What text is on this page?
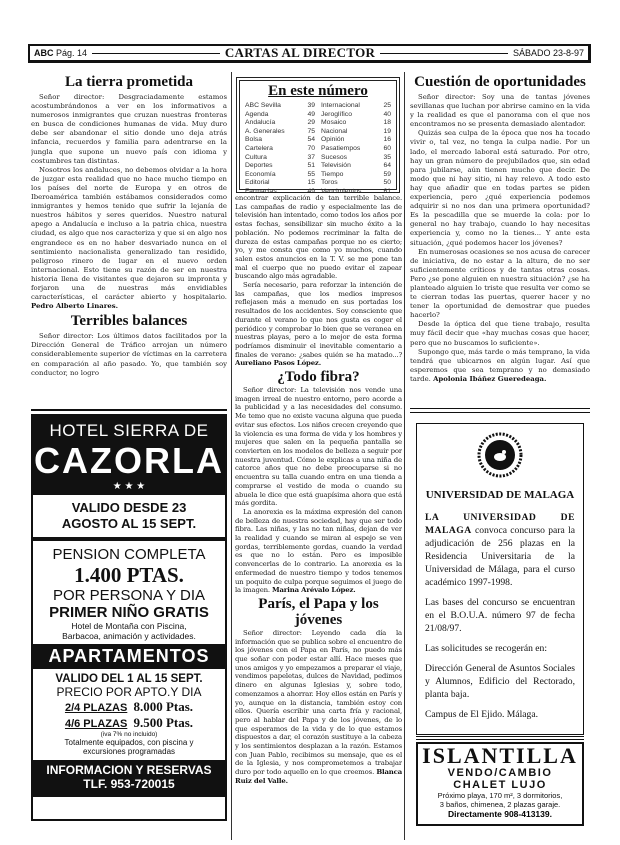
ABC
Pág. 14	CARTAS AL DIRECTOR	SÁBADO 23-8-97
La tierra prometida

Señor director: Desgraciadamente estamos acostumbrándonos a ver en los informativos a numerosos inmigrantes que cruzan nuestras fronteras en busca de condiciones humanas de vida. Muy duro debe ser abandonar el sitio donde uno deja atrás infancia, recuerdos y familia para adentrarse en la jungla que supone un nuevo país con idioma y costumbres tan distintas.

Nosotros los andaluces, no debemos olvidar a la hora de juzgar esta realidad que no hace mucho tiempo en los países del norte de Europa y en otros de Iberoamérica también estábamos considerados como inmigrantes y hemos tenido que sufrir la lejanía de nuestros hábitos y seres queridos. Nuestro natural apego a Andalucía e incluso a la patria chica, nuestra ciudad, es algo que nos caracteriza y que si en algo nos engrandece es en no haber desvariado nunca en el sentimiento nacionalista generalizado tan residido, peligroso rinero de lugar en el nuevo orden internacional. Esto tiene su razón de ser en nuestra historia llena de visitantes que dejaron su impronta y forjaron una de nuestras más envidiables características, el carácter abierto y hospitalario. Pedro Alberto Linares.

Terribles balances

Señor director: Los últimos datos facilitados por la Dirección General de Tráfico arrojan un número considerablemente superior de víctimas en la carretera en comparación al año pasado. Yo, que también soy conductor, no logro

HOTEL SIERRA DE
CAZORLA
★ ★ ★
VALIDO DESDE 23
AGOSTO AL 15 SEPT.
PENSION COMPLETA
1.400 PTAS.
POR PERSONA Y DIA
PRIMER NIÑO GRATIS
Hotel de Montaña con Piscina,
Barbacoa, animación y actividades.
APARTAMENTOS
VALIDO DEL 1 AL 15 SEPT.
PRECIO POR APTO.Y DIA
2/4 PLAZAS 8.000 Ptas.
4/6 PLAZAS 9.500 Ptas.
(iva 7% no incluido)
Totalmente equipados, con piscina y
excursiones programadas
INFORMACION Y RESERVAS
TLF. 953-720015
En este número
ABC Sevilla	39 Internacional	25
Agenda	49 Jeroglífico	40
Andalucía	29 Mosaico	18
A. Generales	75 Nacional	19
Bolsa	54 Opinión	16
Cartelera	70 Pasatiempos	60
Cultura	37 Sucesos	35
Deportes	51 Televisión	64
Economía	55 Tiempo	59
Editorial	15 Toros	50
Farmacias	49 Vencimientos	61

encontrar explicación de tan terrible balance. Las campañas de radio y especialmente las de televisión han intentado, como todos los años por estas fechas, sensibilizar sin mucho éxito a la población. No podemos recriminar la falta de dureza de estas campañas porque no es cierto; yo, y me consta que como yo muchos, cuando salen estos anuncios en la T. V. se me pone tan mal el cuerpo que no puedo evitar el zapear buscando algo más agradable.

Sería necesario, para reforzar la intención de las campañas, que los medios impresos reflejasen más a menudo en sus portadas los resultados de los accidentes. Soy consciente que durante el verano lo que nos gusta es coger el periódico y comprobar lo bien que se veranea en nuestras playas, pero a lo mejor de esta forma podríamos disminuir el inevitable comentario a finales de verano: ¿sabes quién se ha matado...? Aureliano Pasos López.

¿Todo fibra?

Señor director: La televisión nos vende una imagen irreal de nuestro entorno, pero acorde a la publicidad y a las necesidades del consumo. Me temo que no existe vacuna alguna que pueda evitar sus efectos. Los niños crecen creyendo que la violencia es una forma de vida y los hombres y mujeres que salen en la pequeña pantalla se convierten en los modelos de belleza a seguir por nuestra juventud. Cómo le explicas a una niña de catorce años que no debe preocuparse si no encuentra su talla cuando entra en una tienda a comprarse el vestido de moda o cuando su abuela le dice que está guapísima ahora que está más gordita.

La anorexia es la máxima expresión del canon de belleza de nuestra sociedad, hay que ser todo fibra. Las niñas, y las no tan niñas, dejan de ver la realidad y cuando se miran al espejo se ven gordas, terriblemente gordas, cuando la verdad es que no lo están. Pero es imposible convencerlas de lo contrario. La anorexia es la enfermedad de nuestro tiempo y todos tenemos un poquito de culpa porque seguimos el juego de la imagen. Marina Arévalo López.

París, el Papa y los jóvenes

Señor director: Leyendo cada día la información que se publica sobre el encuentro de los jóvenes con el Papa en París, no puedo más que soñar con poder estar allí. Hace meses que unos amigos y yo empezamos a preparar el viaje, vendimos papeletas, dulces de Navidad, pedimos dinero en algunas Iglesias y, sobre todo, comenzamos a ahorrar. Hoy ellos están en París y yo, aunque en la distancia, también estoy con ellos. Quería escribir una carta fría y racional, pero al hablar del Papa y de los jóvenes, de lo que esperamos de la vida y de lo que estamos dispuestos a dar, el corazón sustituye a la cabeza y los sentimientos desplazan a la razón. Estamos con Juan Pablo, recibimos su mensaje, que es el de la Iglesia, y nos comprometemos a trabajar duro por todo aquello en lo que creemos. Blanca Ruiz del Valle.

Cuestión de oportunidades

Señor director: Soy una de tantas jóvenes sevillanas que luchan por abrirse camino en la vida y la realidad es que el panorama con el que nos encontramos no se presenta demasiado alentador.

Quizás sea culpa de la época que nos ha tocado vivir o, tal vez, no tenga la culpa nadie. Por un lado, el mercado laboral está saturado. Por otro, hay un gran número de prejubilados que, sin edad para jubilarse, aún tienen mucho que decir. De modo que ni hay sitio, ni hay relevo. A todo esto hay que añadir que en todas partes se piden experiencia, pero ¿qué experiencia podemos adquirir si no nos dan una primera oportunidad? Es la pescadilla que se muerde la cola: por lo general no hay trabajo, cuando lo hay necesitas experiencia y, como no la tienes... Y ante esta situación, ¿qué podemos hacer los jóvenes?

En numerosas ocasiones se nos acusa de carecer de iniciativa, de no estar a la altura, de no ser suficientemente críticos y de tantas otras cosas. Pero ¿se pone alguien en nuestra situación? ¿se ha planteado alguien lo triste que resulta ver como se te cierran todas las puertas, querer hacer y no tener la oportunidad de demostrar que puedes hacerlo?

Desde la óptica del que tiene trabajo, resulta muy fácil decir que «hay muchas cosas que hacer, pero que no buscamos lo suficiente».

Supongo que, más tarde o más temprano, la vida tendrá que ubicarnos en algún lugar. Así que esperemos que sea temprano y no demasiado tarde. Apolonia Ibáñez Gueredeaga.

UNIVERSIDAD DE MALAGA

LA UNIVERSIDAD DE MALAGA convoca concurso para la adjudicación de 256 plazas en la Residencia Universitaria de la Universidad de Málaga, para el curso académico 1997-1998.

Las bases del concurso se encuentran en el B.O.U.A. número 97 de fecha 21/08/97.

Las solicitudes se recogerán en:

Dirección General de Asuntos Sociales y Alumnos, Edificio del Rectorado, planta baja.

Campus de El Ejido. Málaga.

ISLANTILLA
VENDO/CAMBIO
CHALET LUJO
Próximo playa, 170 m², 3 dormitorios,
3 baños, chimenea, 2 plazas garaje.
Directamente 908-413139.
